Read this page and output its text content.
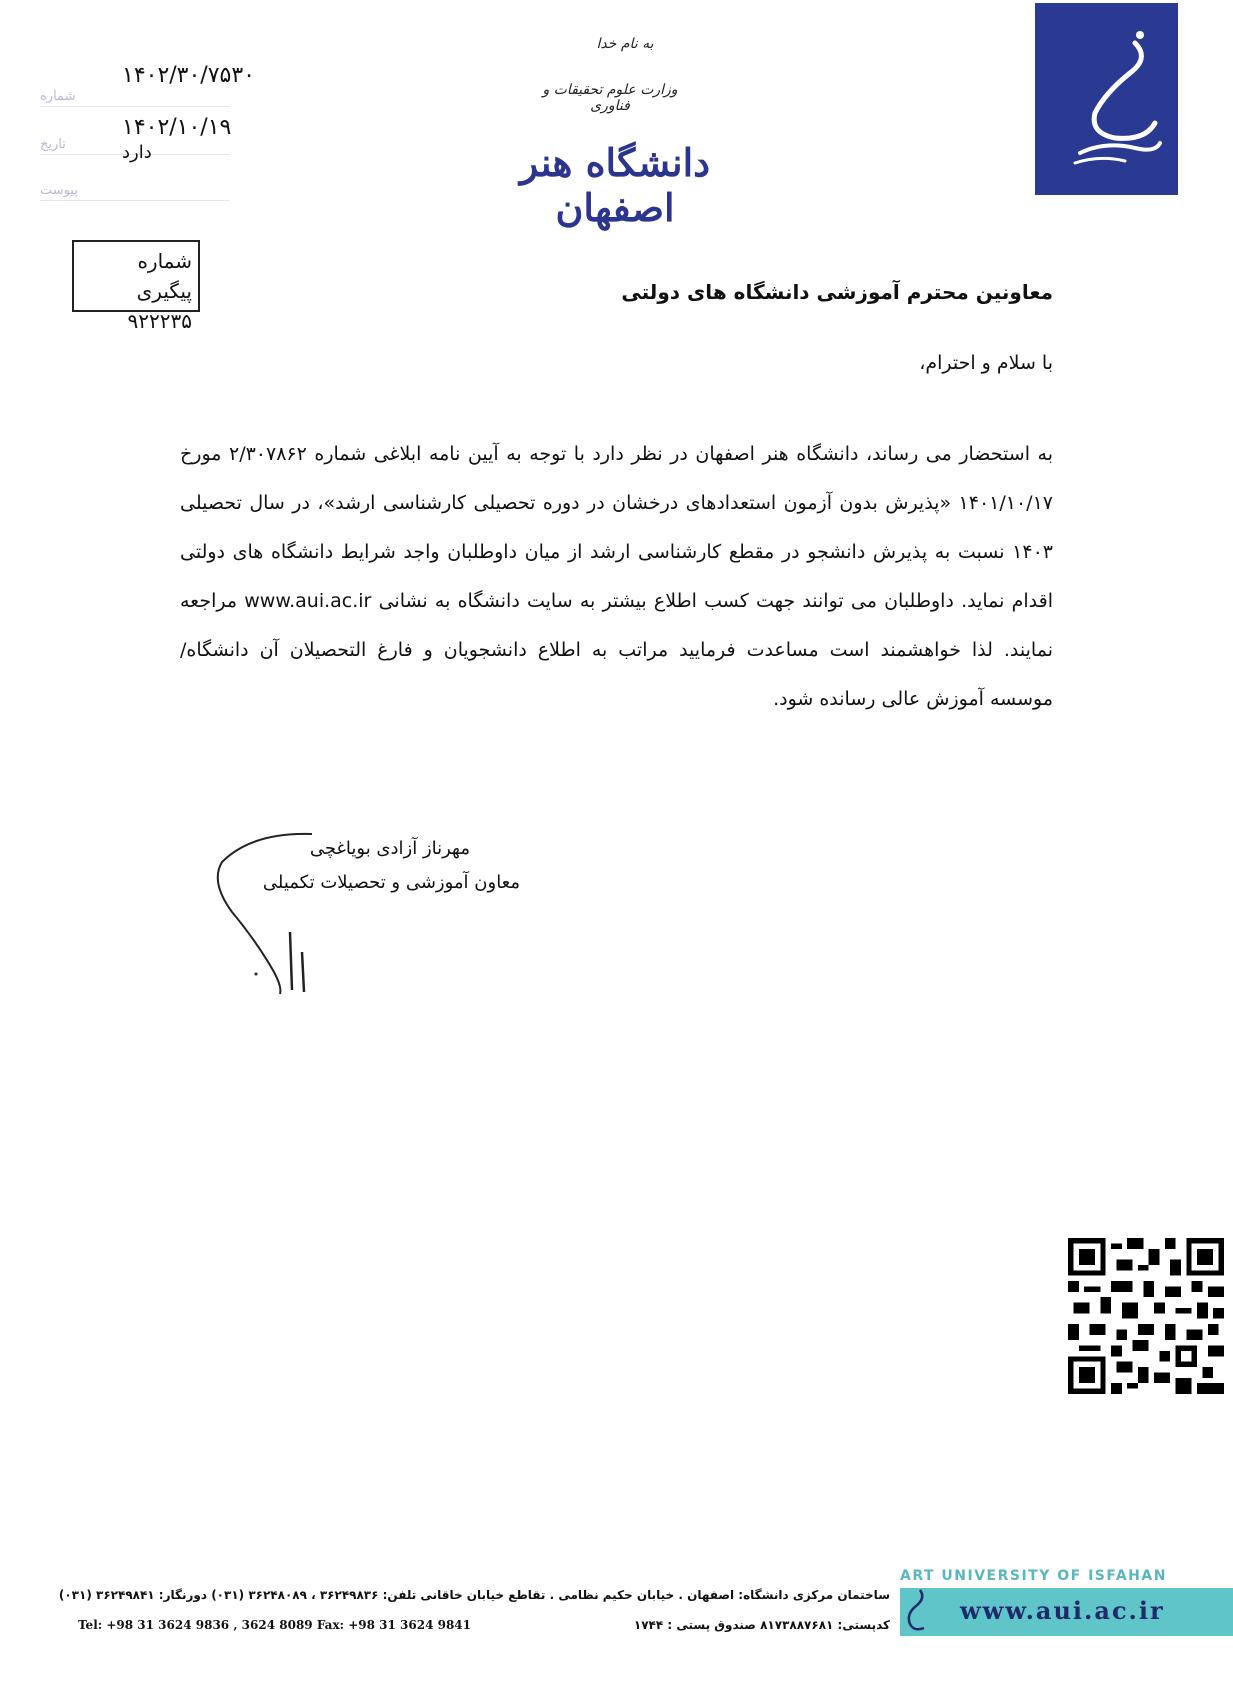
شماره
۱۴۰۲/۳۰/۷۵۳۰
تاریخ
۱۴۰۲/۱۰/۱۹
دارد
پیوست
شماره پیگیری
۹۲۲۲۳۵
به نام خدا
وزارت علوم تحقیقات و فناوری
دانشگاه هنر اصفهان
معاونین محترم آموزشی دانشگاه های دولتی
با سلام و احترام،
به استحضار می رساند، دانشگاه هنر اصفهان در نظر دارد با توجه به آیین نامه ابلاغی شماره ۲/۳۰۷۸۶۲ مورخ ۱۴۰۱/۱۰/۱۷ «پذیرش بدون آزمون استعدادهای درخشان در دوره تحصیلی کارشناسی ارشد»، در سال تحصیلی ۱۴۰۳ نسبت به پذیرش دانشجو در مقطع کارشناسی ارشد از میان داوطلبان واجد شرایط دانشگاه های دولتی اقدام نماید. داوطلبان می توانند جهت کسب اطلاع بیشتر به سایت دانشگاه به نشانی www.aui.ac.ir مراجعه نمایند. لذا خواهشمند است مساعدت فرمایید مراتب به اطلاع دانشجویان و فارغ التحصیلان آن دانشگاه/ موسسه آموزش عالی رسانده شود.
مهرناز آزادی بویاغچی
معاون آموزشی و تحصیلات تکمیلی
ART UNIVERSITY OF ISFAHAN
www.aui.ac.ir
ساختمان مرکزی دانشگاه: اصفهان . خیابان حکیم نظامی . تقاطع خیابان خاقانی تلفن: ۳۶۲۴۹۸۳۶ ، ۳۶۲۴۸۰۸۹ (۰۳۱) دورنگار: ۳۶۲۴۹۸۴۱ (۰۳۱)
کدپستی: ۸۱۷۳۸۸۷۶۸۱ صندوق پستی : ۱۷۴۴
Tel: +98 31 3624 9836 , 3624 8089 Fax: +98 31 3624 9841
